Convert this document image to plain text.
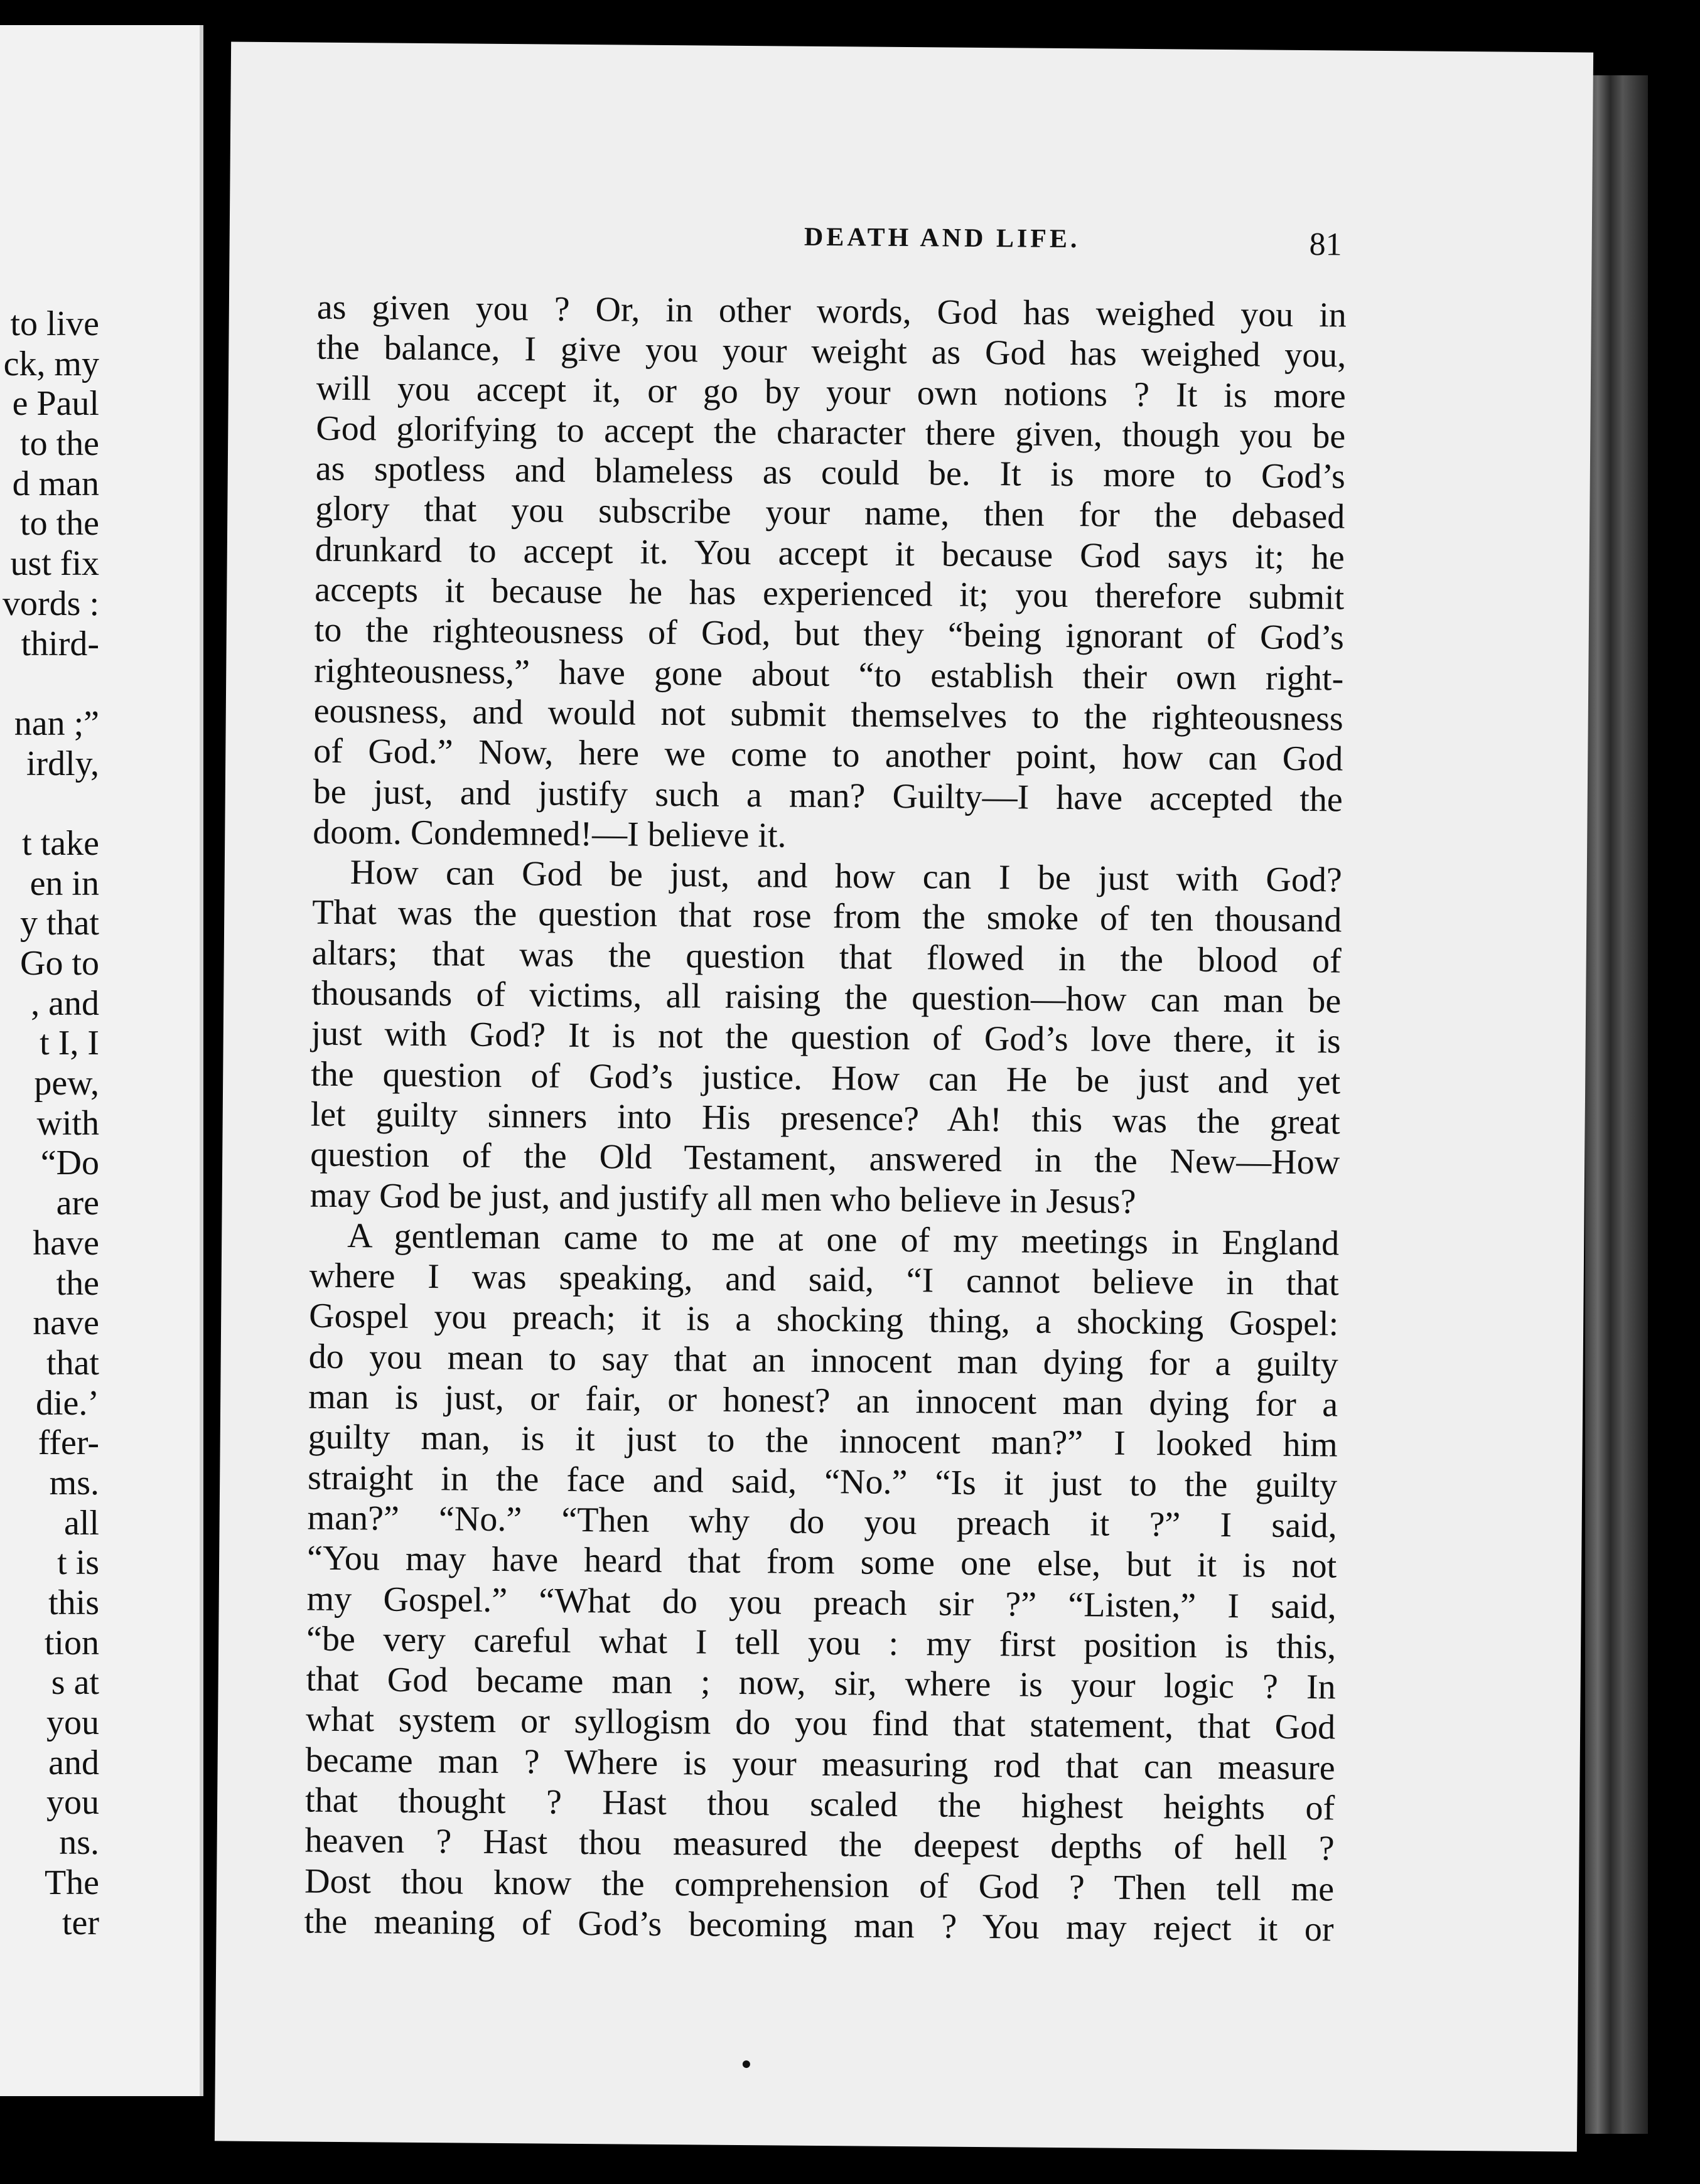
to live
ck, my
e Paul
to the
d man
to the
ust fix
vords :
third-
nan ;”
irdly,
t take
en in
y that
Go to
, and
t I, I
pew,
with
“Do
are
have
the
nave
that
die.’
ffer-
ms.
all
t is
this
tion
s at
you
and
you
ns.
The
ter
DEATH AND LIFE.	81
as given you ? Or, in other words, God has weighed you in
the balance, I give you your weight as God has weighed you,
will you accept it, or go by your own notions ? It is more
God glorifying to accept the character there given, though you be
as spotless and blameless as could be. It is more to God’s
glory that you subscribe your name, then for the debased
drunkard to accept it. You accept it because God says it; he
accepts it because he has experienced it; you therefore submit
to the righteousness of God, but they “being ignorant of God’s
righteousness,” have gone about “to establish their own right-
eousness, and would not submit themselves to the righteousness
of God.” Now, here we come to another point, how can God
be just, and justify such a man? Guilty—I have accepted the
doom. Condemned!—I believe it.
How can God be just, and how can I be just with God?
That was the question that rose from the smoke of ten thousand
altars; that was the question that flowed in the blood of
thousands of victims, all raising the question—how can man be
just with God? It is not the question of God’s love there, it is
the question of God’s justice. How can He be just and yet
let guilty sinners into His presence? Ah! this was the great
question of the Old Testament, answered in the New—How
may God be just, and justify all men who believe in Jesus?
A gentleman came to me at one of my meetings in England
where I was speaking, and said, “I cannot believe in that
Gospel you preach; it is a shocking thing, a shocking Gospel:
do you mean to say that an innocent man dying for a guilty
man is just, or fair, or honest? an innocent man dying for a
guilty man, is it just to the innocent man?” I looked him
straight in the face and said, “No.” “Is it just to the guilty
man?” “No.” “Then why do you preach it ?” I said,
“You may have heard that from some one else, but it is not
my Gospel.” “What do you preach sir ?” “Listen,” I said,
“be very careful what I tell you : my first position is this,
that God became man ; now, sir, where is your logic ? In
what system or syllogism do you find that statement, that God
became man ? Where is your measuring rod that can measure
that thought ? Hast thou scaled the highest heights of
heaven ? Hast thou measured the deepest depths of hell ?
Dost thou know the comprehension of God ? Then tell me
the meaning of God’s becoming man ? You may reject it or
